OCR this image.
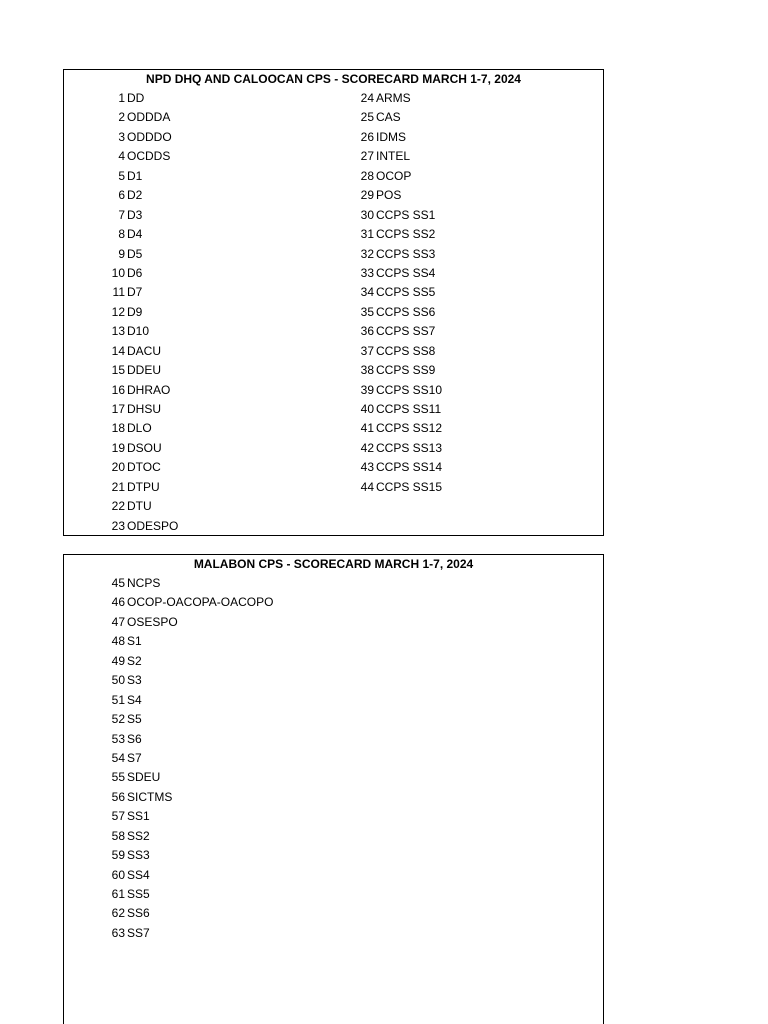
NPD DHQ AND CALOOCAN CPS - SCORECARD MARCH 1-7, 2024
1 DD
2 ODDDA
3 ODDDO
4 OCDDS
5 D1
6 D2
7 D3
8 D4
9 D5
10 D6
11 D7
12 D9
13 D10
14 DACU
15 DDEU
16 DHRAO
17 DHSU
18 DLO
19 DSOU
20 DTOC
21 DTPU
22 DTU
23 ODESPO
24 ARMS
25 CAS
26 IDMS
27 INTEL
28 OCOP
29 POS
30 CCPS SS1
31 CCPS SS2
32 CCPS SS3
33 CCPS SS4
34 CCPS SS5
35 CCPS SS6
36 CCPS SS7
37 CCPS SS8
38 CCPS SS9
39 CCPS SS10
40 CCPS SS11
41 CCPS SS12
42 CCPS SS13
43 CCPS SS14
44 CCPS SS15
MALABON CPS - SCORECARD MARCH 1-7, 2024
45 NCPS
46 OCOP-OACOPA-OACOPO
47 OSESPO
48 S1
49 S2
50 S3
51 S4
52 S5
53 S6
54 S7
55 SDEU
56 SICTMS
57 SS1
58 SS2
59 SS3
60 SS4
61 SS5
62 SS6
63 SS7
